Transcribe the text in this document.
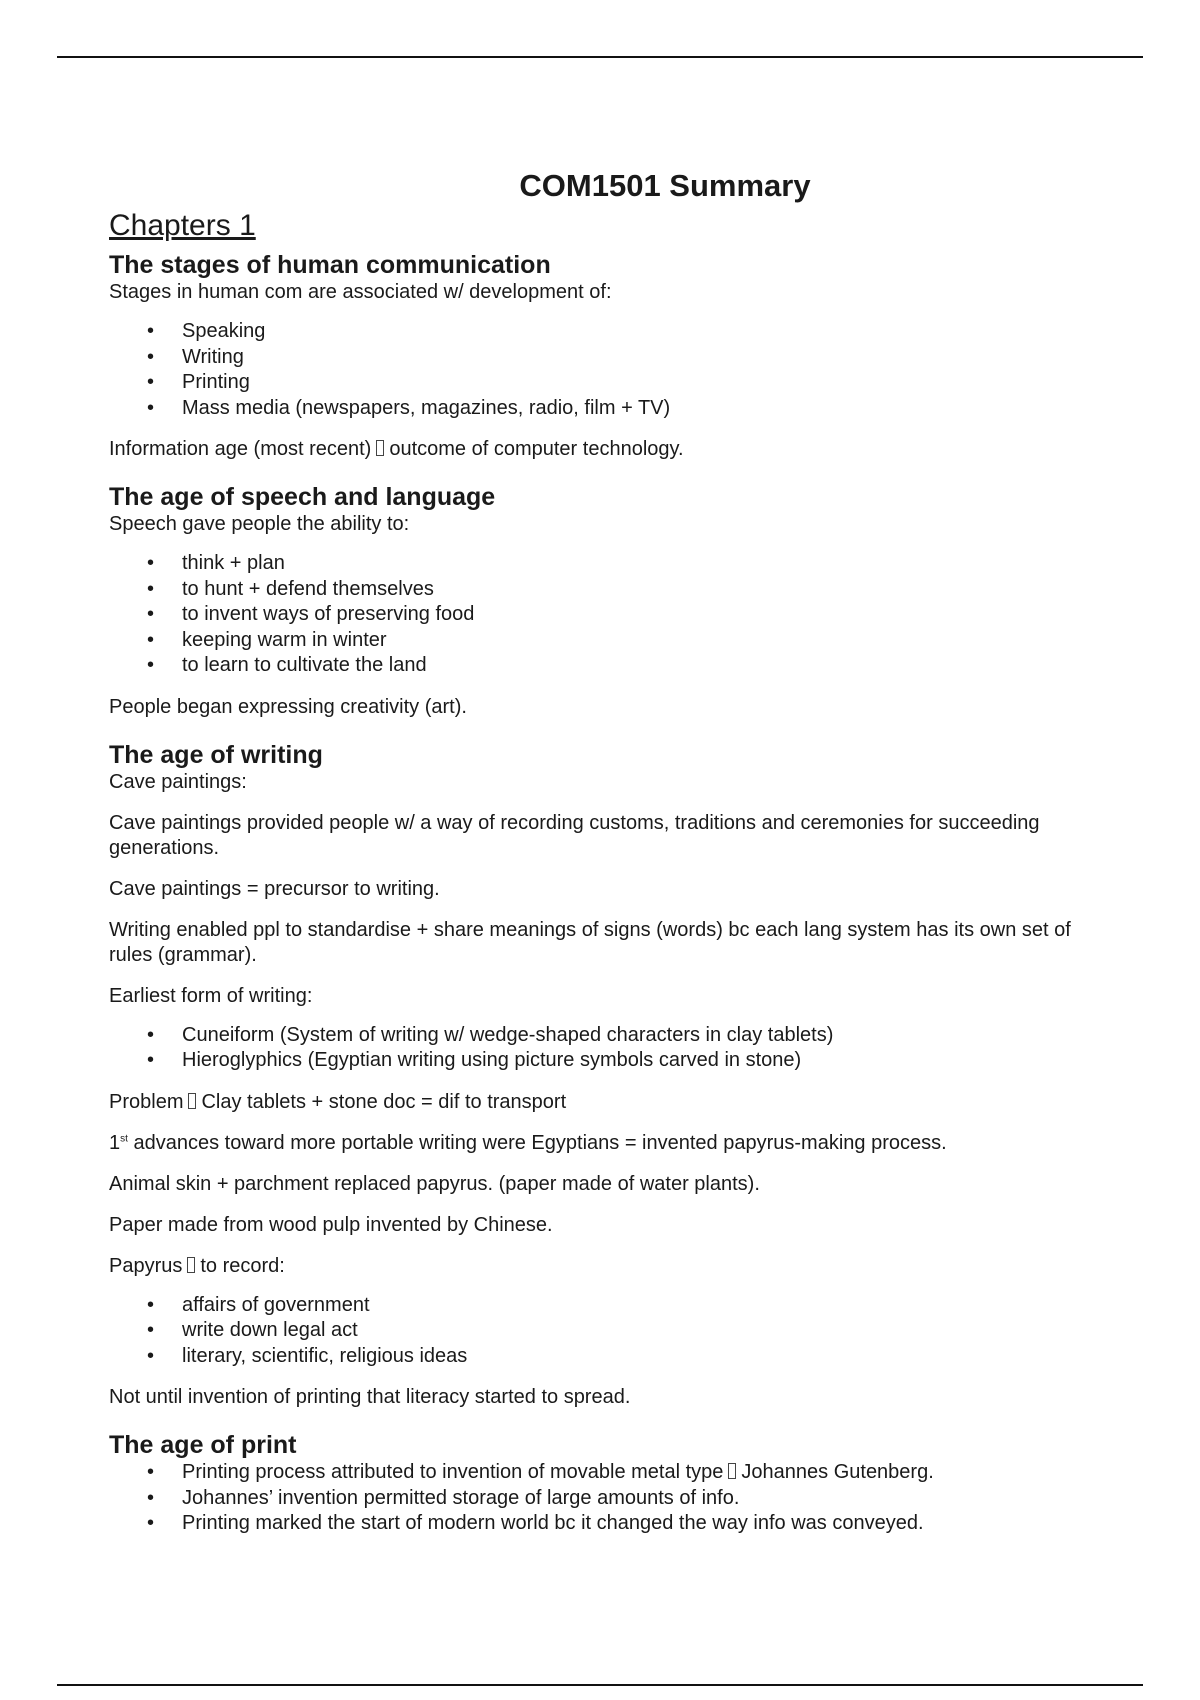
COM1501 Summary
Chapters 1
The stages of human communication

Stages in human com are associated w/ development of:

• Speaking
• Writing
• Printing
• Mass media (newspapers, magazines, radio, film + TV)

Information age (most recent) outcome of computer technology.

The age of speech and language

Speech gave people the ability to:

• think + plan
• to hunt + defend themselves
• to invent ways of preserving food
• keeping warm in winter
• to learn to cultivate the land

People began expressing creativity (art).

The age of writing

Cave paintings:

Cave paintings provided people w/ a way of recording customs, traditions and ceremonies for succeeding generations.

Cave paintings = precursor to writing.

Writing enabled ppl to standardise + share meanings of signs (words) bc each lang system has its own set of rules (grammar).

Earliest form of writing:

• Cuneiform (System of writing w/ wedge-shaped characters in clay tablets)
• Hieroglyphics (Egyptian writing using picture symbols carved in stone)

Problem Clay tablets + stone doc = dif to transport

1st advances toward more portable writing were Egyptians = invented papyrus-making process.

Animal skin + parchment replaced papyrus. (paper made of water plants).

Paper made from wood pulp invented by Chinese.

Papyrus to record:

• affairs of government
• write down legal act
• literary, scientific, religious ideas

Not until invention of printing that literacy started to spread.

The age of print
• Printing process attributed to invention of movable metal type Johannes Gutenberg.
• Johannes’ invention permitted storage of large amounts of info.
• Printing marked the start of modern world bc it changed the way info was conveyed.
